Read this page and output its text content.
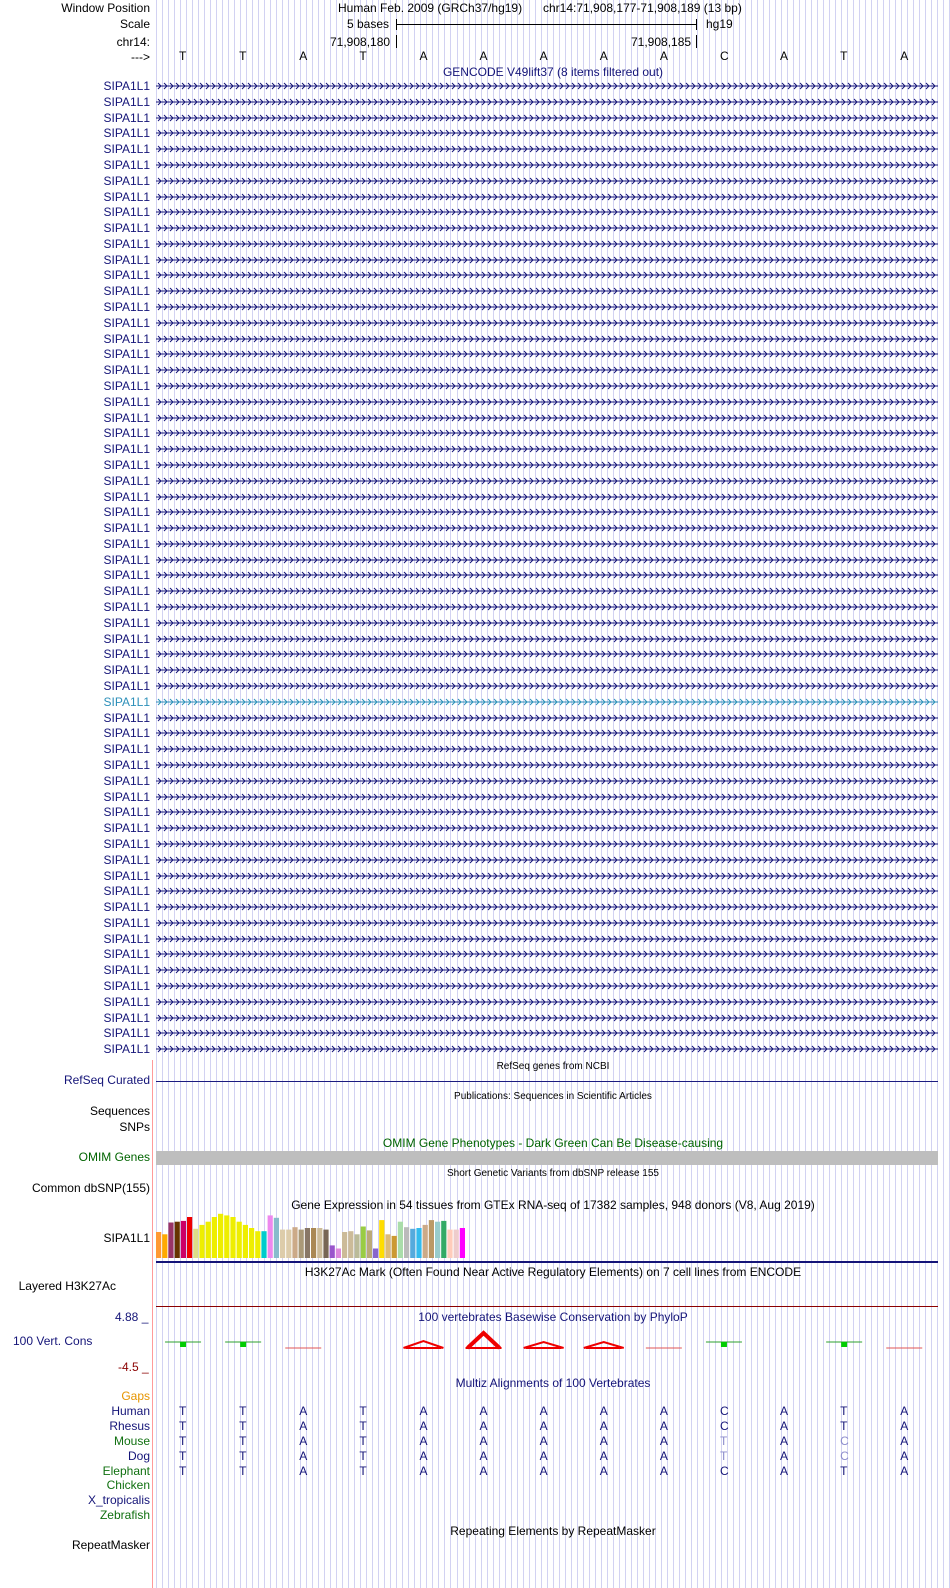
Window Position
Scale
chr14:
--->
Human Feb. 2009 (GRCh37/hg19) chr14:71,908,177-71,908,189 (13 bp)
5 bases	hg19
71,908,180	71,908,185
T	T	A	T	A	A	A	A	A	C	A	T	A
GENCODE V49lift37 (8 items filtered out)
SIPA1L1
SIPA1L1
SIPA1L1
SIPA1L1
SIPA1L1
SIPA1L1
SIPA1L1
SIPA1L1
SIPA1L1
SIPA1L1
SIPA1L1
SIPA1L1
SIPA1L1
SIPA1L1
SIPA1L1
SIPA1L1
SIPA1L1
SIPA1L1
SIPA1L1
SIPA1L1
SIPA1L1
SIPA1L1
SIPA1L1
SIPA1L1
SIPA1L1
SIPA1L1
SIPA1L1
SIPA1L1
SIPA1L1
SIPA1L1
SIPA1L1
SIPA1L1
SIPA1L1
SIPA1L1
SIPA1L1
SIPA1L1
SIPA1L1
SIPA1L1
SIPA1L1
SIPA1L1
SIPA1L1
SIPA1L1
SIPA1L1
SIPA1L1
SIPA1L1
SIPA1L1
SIPA1L1
SIPA1L1
SIPA1L1
SIPA1L1
SIPA1L1
SIPA1L1
SIPA1L1
SIPA1L1
SIPA1L1
SIPA1L1
SIPA1L1
SIPA1L1
SIPA1L1
SIPA1L1
SIPA1L1
SIPA1L1
RefSeq genes from NCBI
RefSeq Curated
Publications: Sequences in Scientific Articles
Sequences
SNPs
OMIM Gene Phenotypes - Dark Green Can Be Disease-causing
OMIM Genes
Short Genetic Variants from dbSNP release 155
Common dbSNP(155)
Gene Expression in 54 tissues from GTEx RNA-seq of 17382 samples, 948 donors (V8, Aug 2019)
SIPA1L1
H3K27Ac Mark (Often Found Near Active Regulatory Elements) on 7 cell lines from ENCODE
Layered H3K27Ac
100 vertebrates Basewise Conservation by PhyloP
4.88 _
100 Vert. Cons
-4.5 _
Multiz Alignments of 100 Vertebrates
Gaps
Human T	T	A	T	A	A	A	A	A	C	A	T	A
Rhesus T	T	A	T	A	A	A	A	A	C	A	T	A
Mouse T	T	A	T	A	A	A	A	A	T	A	C	A
Dog T	T	A	T	A	A	A	A	A	T	A	C	A
Elephant T	T	A	T	A	A	A	A	A	C	A	T	A
Chicken
X_tropicalis
Zebrafish
Repeating Elements by RepeatMasker
RepeatMasker
